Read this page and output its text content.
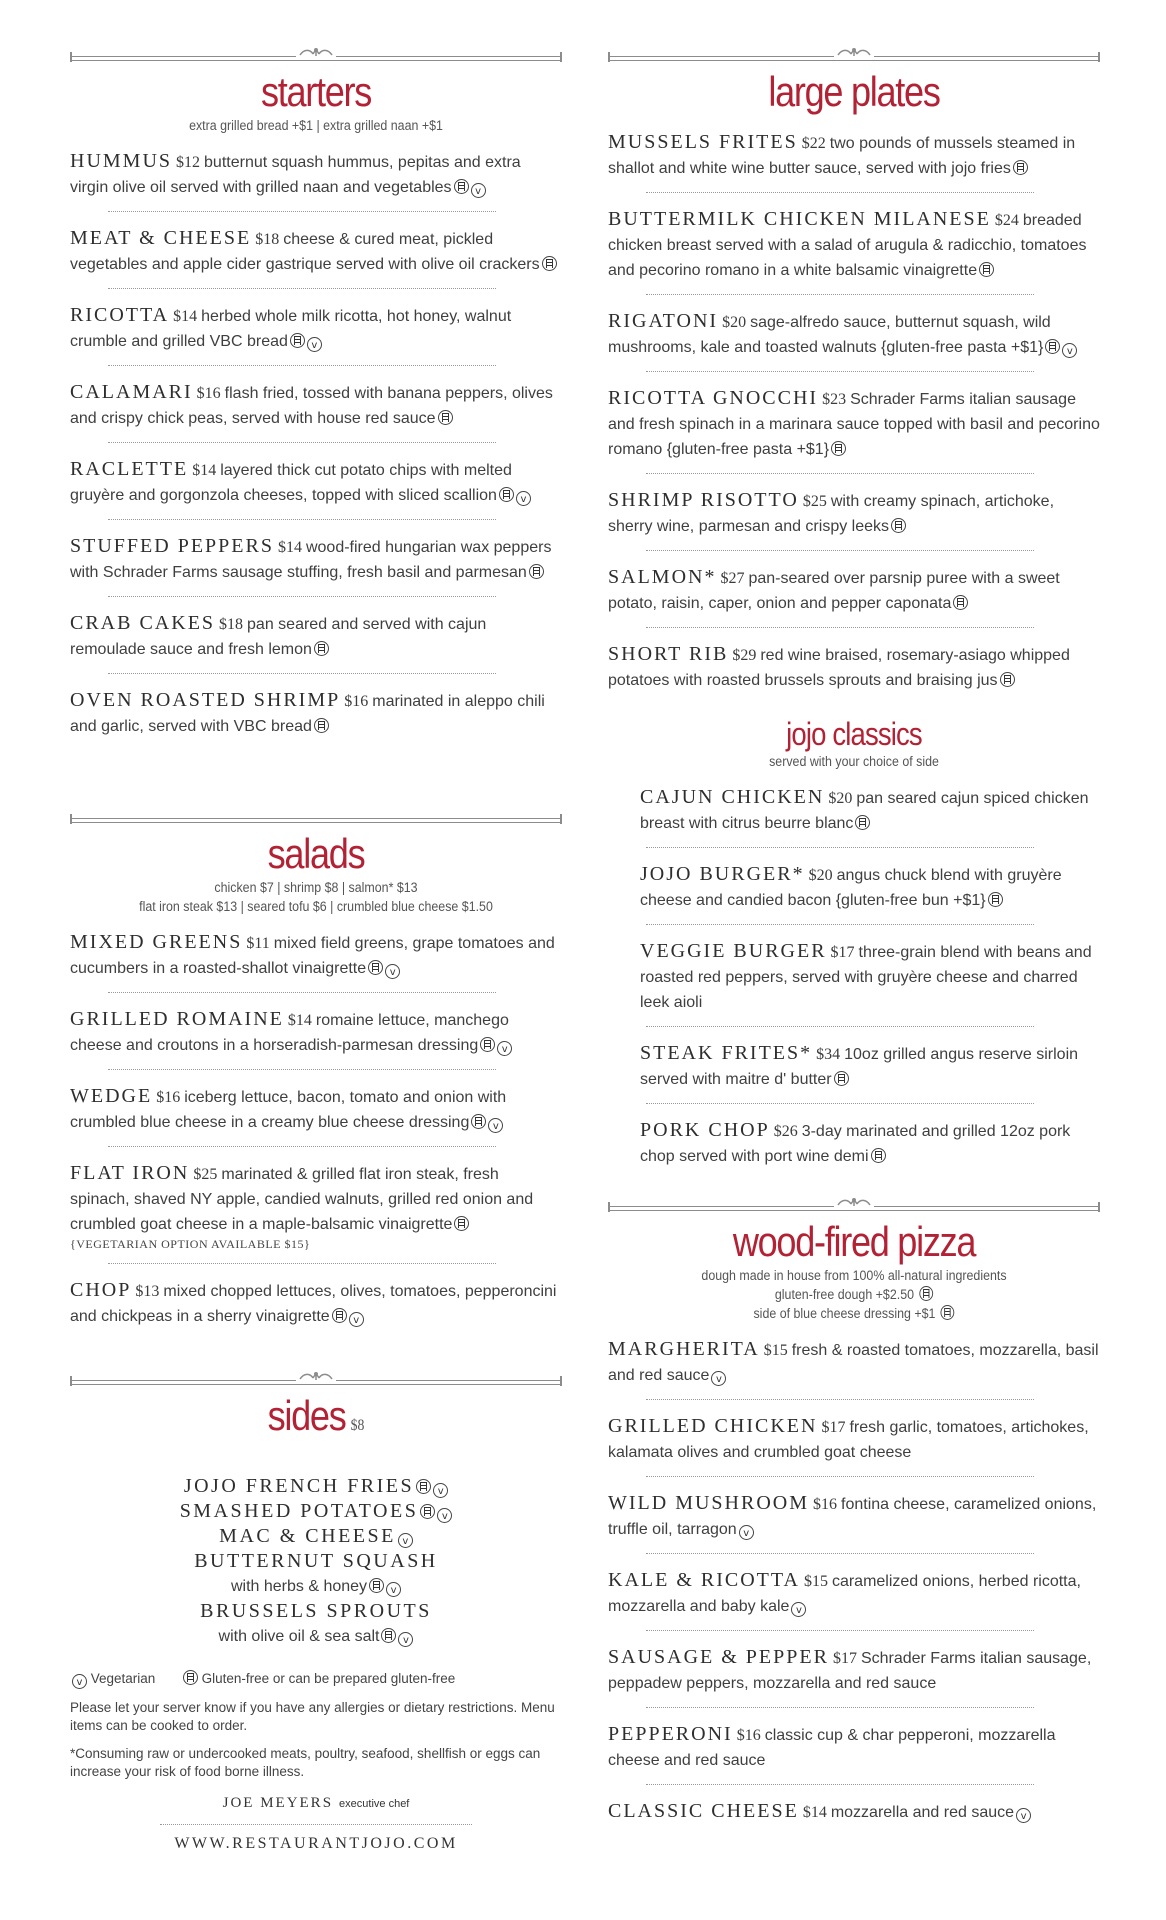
starters
extra grilled bread +$1 | extra grilled naan +$1
HUMMUS $12 butternut squash hummus, pepitas and extra virgin olive oil served with grilled naan and vegetables v
MEAT & CHEESE $18 cheese & cured meat, pickled vegetables and apple cider gastrique served with olive oil crackers
RICOTTA $14 herbed whole milk ricotta, hot honey, walnut crumble and grilled VBC bread v
CALAMARI $16 flash fried, tossed with banana peppers, olives and crispy chick peas, served with house red sauce
RACLETTE $14 layered thick cut potato chips with melted gruyère and gorgonzola cheeses, topped with sliced scallion v
STUFFED PEPPERS $14 wood-fired hungarian wax peppers with Schrader Farms sausage stuffing, fresh basil and parmesan
CRAB CAKES $18 pan seared and served with cajun remoulade sauce and fresh lemon
OVEN ROASTED SHRIMP $16 marinated in aleppo chili and garlic, served with VBC bread
salads
chicken $7 | shrimp $8 | salmon* $13
flat iron steak $13 | seared tofu $6 | crumbled blue cheese $1.50
MIXED GREENS $11 mixed field greens, grape tomatoes and cucumbers in a roasted-shallot vinaigrette v
GRILLED ROMAINE $14 romaine lettuce, manchego cheese and croutons in a horseradish-parmesan dressing v
WEDGE $16 iceberg lettuce, bacon, tomato and onion with crumbled blue cheese in a creamy blue cheese dressing v
FLAT IRON $25 marinated & grilled flat iron steak, fresh spinach, shaved NY apple, candied walnuts, grilled red onion and crumbled goat cheese in a maple-balsamic vinaigrette
{VEGETARIAN OPTION AVAILABLE $15}
CHOP $13 mixed chopped lettuces, olives, tomatoes, pepperoncini and chickpeas in a sherry vinaigrette v
sides $8
JOJO FRENCH FRIES v
SMASHED POTATOES v
MAC & CHEESE v
BUTTERNUT SQUASH
with herbs & honey v
BRUSSELS SPROUTS
with olive oil & sea salt v
v Vegetarian	Gluten-free or can be prepared gluten-free
Please let your server know if you have any allergies or dietary restrictions. Menu items can be cooked to order.
*Consuming raw or undercooked meats, poultry, seafood, shellfish or eggs can increase your risk of food borne illness.
JOE MEYERS executive chef
WWW.RESTAURANTJOJO.COM
large plates
MUSSELS FRITES $22 two pounds of mussels steamed in shallot and white wine butter sauce, served with jojo fries
BUTTERMILK CHICKEN MILANESE $24 breaded chicken breast served with a salad of arugula & radicchio, tomatoes and pecorino romano in a white balsamic vinaigrette
RIGATONI $20 sage-alfredo sauce, butternut squash, wild mushrooms, kale and toasted walnuts {gluten-free pasta +$1} v
RICOTTA GNOCCHI $23 Schrader Farms italian sausage and fresh spinach in a marinara sauce topped with basil and pecorino romano {gluten-free pasta +$1}
SHRIMP RISOTTO $25 with creamy spinach, artichoke, sherry wine, parmesan and crispy leeks
SALMON* $27 pan-seared over parsnip puree with a sweet potato, raisin, caper, onion and pepper caponata
SHORT RIB $29 red wine braised, rosemary-asiago whipped potatoes with roasted brussels sprouts and braising jus
jojo classics
served with your choice of side
CAJUN CHICKEN $20 pan seared cajun spiced chicken breast with citrus beurre blanc
JOJO BURGER* $20 angus chuck blend with gruyère cheese and candied bacon {gluten-free bun +$1}
VEGGIE BURGER $17 three-grain blend with beans and roasted red peppers, served with gruyère cheese and charred leek aioli
STEAK FRITES* $34 10oz grilled angus reserve sirloin served with maitre d' butter
PORK CHOP $26 3-day marinated and grilled 12oz pork chop served with port wine demi
wood-fired pizza
dough made in house from 100% all-natural ingredients
gluten-free dough +$2.50
side of blue cheese dressing +$1
MARGHERITA $15 fresh & roasted tomatoes, mozzarella, basil and red sauce v
GRILLED CHICKEN $17 fresh garlic, tomatoes, artichokes, kalamata olives and crumbled goat cheese
WILD MUSHROOM $16 fontina cheese, caramelized onions, truffle oil, tarragon v
KALE & RICOTTA $15 caramelized onions, herbed ricotta, mozzarella and baby kale v
SAUSAGE & PEPPER $17 Schrader Farms italian sausage, peppadew peppers, mozzarella and red sauce
PEPPERONI $16 classic cup & char pepperoni, mozzarella cheese and red sauce
CLASSIC CHEESE $14 mozzarella and red sauce v
